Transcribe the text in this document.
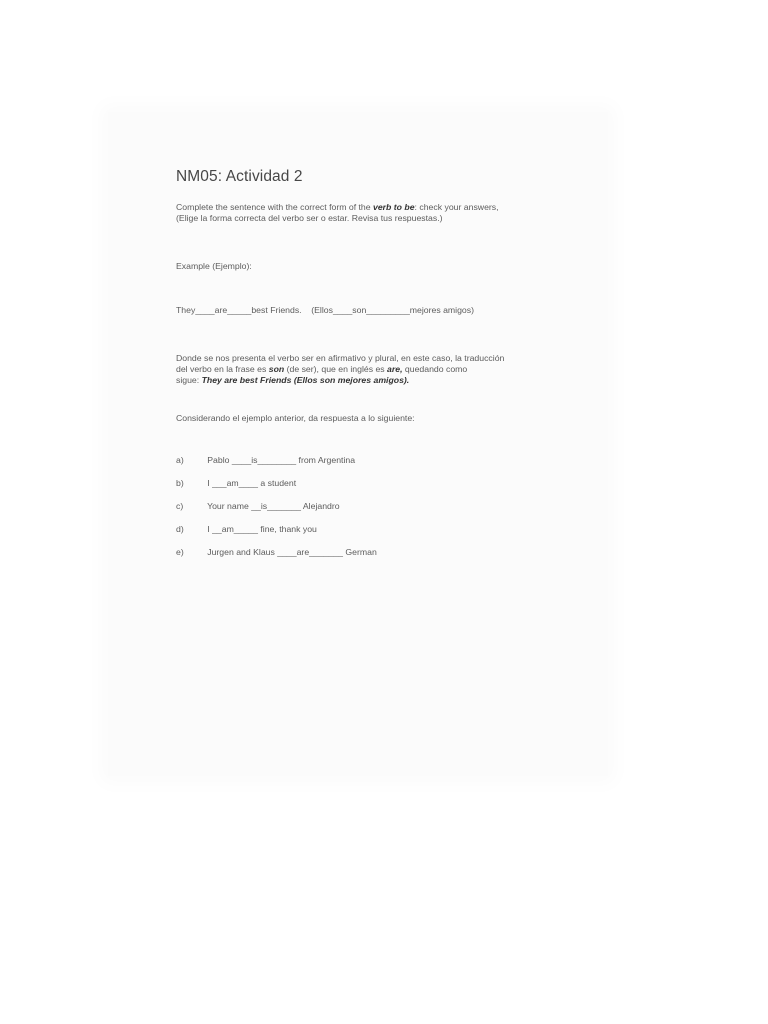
NM05: Actividad 2
Complete the sentence with the correct form of the verb to be: check your answers,
(Elige la forma correcta del verbo ser o estar. Revisa tus respuestas.)

Example (Ejemplo):

They____are_____best Friends.
(Ellos____son_________mejores amigos)
Donde se nos presenta el verbo ser en afirmativo y plural, en este caso, la traducción
del verbo en la frase es son (de ser), que en inglés es are, quedando como
sigue: They are best Friends (Ellos son mejores amigos).

Considerando el ejemplo anterior, da respuesta a lo siguiente:

a)	Pablo ____is________ from Argentina
b)	I ___am____ a student
c)	Your name __is_______ Alejandro
d)	I __am_____ fine, thank you
e)	Jurgen and Klaus ____are_______ German
